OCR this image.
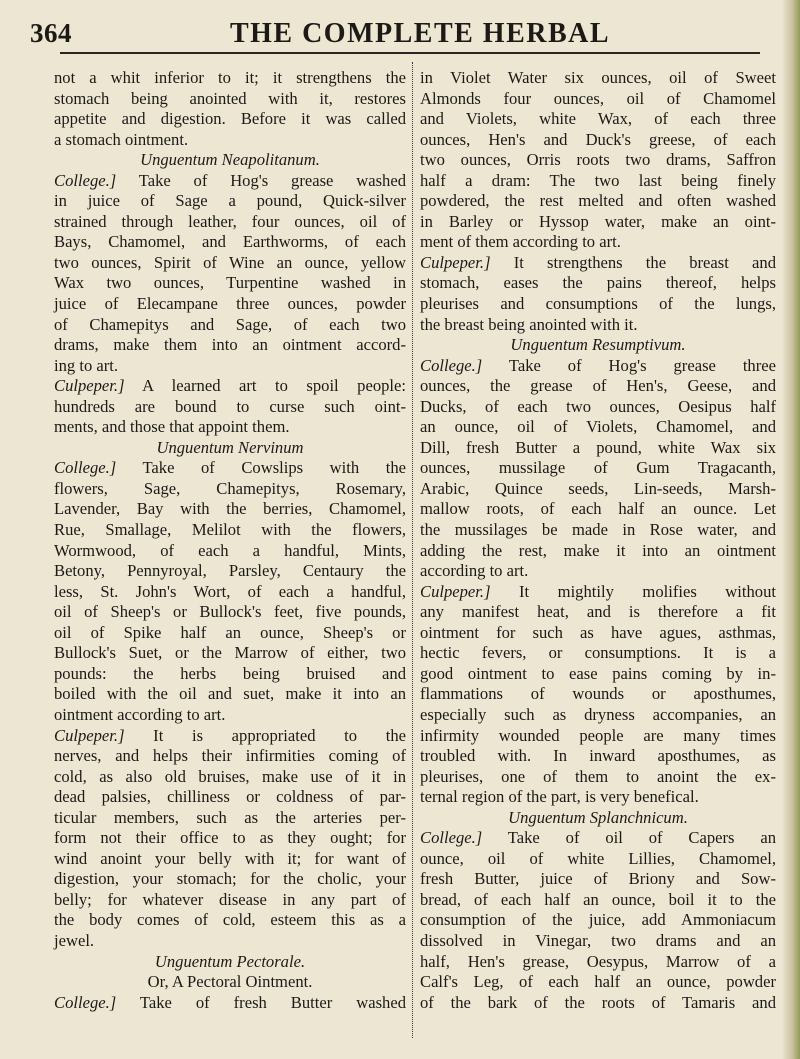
364	THE COMPLETE HERBAL
not a whit inferior to it; it strengthens the
stomach being anointed with it, restores
appetite and digestion. Before it was called
a stomach ointment.
Unguentum Neapolitanum.
College.] Take of Hog's grease washed
in juice of Sage a pound, Quick-silver
strained through leather, four ounces, oil of
Bays, Chamomel, and Earthworms, of each
two ounces, Spirit of Wine an ounce, yellow
Wax two ounces, Turpentine washed in
juice of Elecampane three ounces, powder
of Chamepitys and Sage, of each two
drams, make them into an ointment accord-
ing to art.
Culpeper.] A learned art to spoil people:
hundreds are bound to curse such oint-
ments, and those that appoint them.
Unguentum Nervinum
College.] Take of Cowslips with the
flowers, Sage, Chamepitys, Rosemary,
Lavender, Bay with the berries, Chamomel,
Rue, Smallage, Melilot with the flowers,
Wormwood, of each a handful, Mints,
Betony, Pennyroyal, Parsley, Centaury the
less, St. John's Wort, of each a handful,
oil of Sheep's or Bullock's feet, five pounds,
oil of Spike half an ounce, Sheep's or
Bullock's Suet, or the Marrow of either, two
pounds: the herbs being bruised and
boiled with the oil and suet, make it into an
ointment according to art.
Culpeper.] It is appropriated to the
nerves, and helps their infirmities coming of
cold, as also old bruises, make use of it in
dead palsies, chilliness or coldness of par-
ticular members, such as the arteries per-
form not their office to as they ought; for
wind anoint your belly with it; for want of
digestion, your stomach; for the cholic, your
belly; for whatever disease in any part of
the body comes of cold, esteem this as a
jewel.
Unguentum Pectorale.
Or, A Pectoral Ointment.
College.] Take of fresh Butter washed
in Violet Water six ounces, oil of Sweet
Almonds four ounces, oil of Chamomel
and Violets, white Wax, of each three
ounces, Hen's and Duck's greese, of each
two ounces, Orris roots two drams, Saffron
half a dram: The two last being finely
powdered, the rest melted and often washed
in Barley or Hyssop water, make an oint-
ment of them according to art.
Culpeper.] It strengthens the breast and
stomach, eases the pains thereof, helps
pleurises and consumptions of the lungs,
the breast being anointed with it.
Unguentum Resumptivum.
College.] Take of Hog's grease three
ounces, the grease of Hen's, Geese, and
Ducks, of each two ounces, Oesipus half
an ounce, oil of Violets, Chamomel, and
Dill, fresh Butter a pound, white Wax six
ounces, mussilage of Gum Tragacanth,
Arabic, Quince seeds, Lin-seeds, Marsh-
mallow roots, of each half an ounce. Let
the mussilages be made in Rose water, and
adding the rest, make it into an ointment
according to art.
Culpeper.] It mightily molifies without
any manifest heat, and is therefore a fit
ointment for such as have agues, asthmas,
hectic fevers, or consumptions. It is a
good ointment to ease pains coming by in-
flammations of wounds or aposthumes,
especially such as dryness accompanies, an
infirmity wounded people are many times
troubled with. In inward aposthumes, as
pleurises, one of them to anoint the ex-
ternal region of the part, is very benefical.
Unguentum Splanchnicum.
College.] Take of oil of Capers an
ounce, oil of white Lillies, Chamomel,
fresh Butter, juice of Briony and Sow-
bread, of each half an ounce, boil it to the
consumption of the juice, add Ammoniacum
dissolved in Vinegar, two drams and an
half, Hen's grease, Oesypus, Marrow of a
Calf's Leg, of each half an ounce, powder
of the bark of the roots of Tamaris and
